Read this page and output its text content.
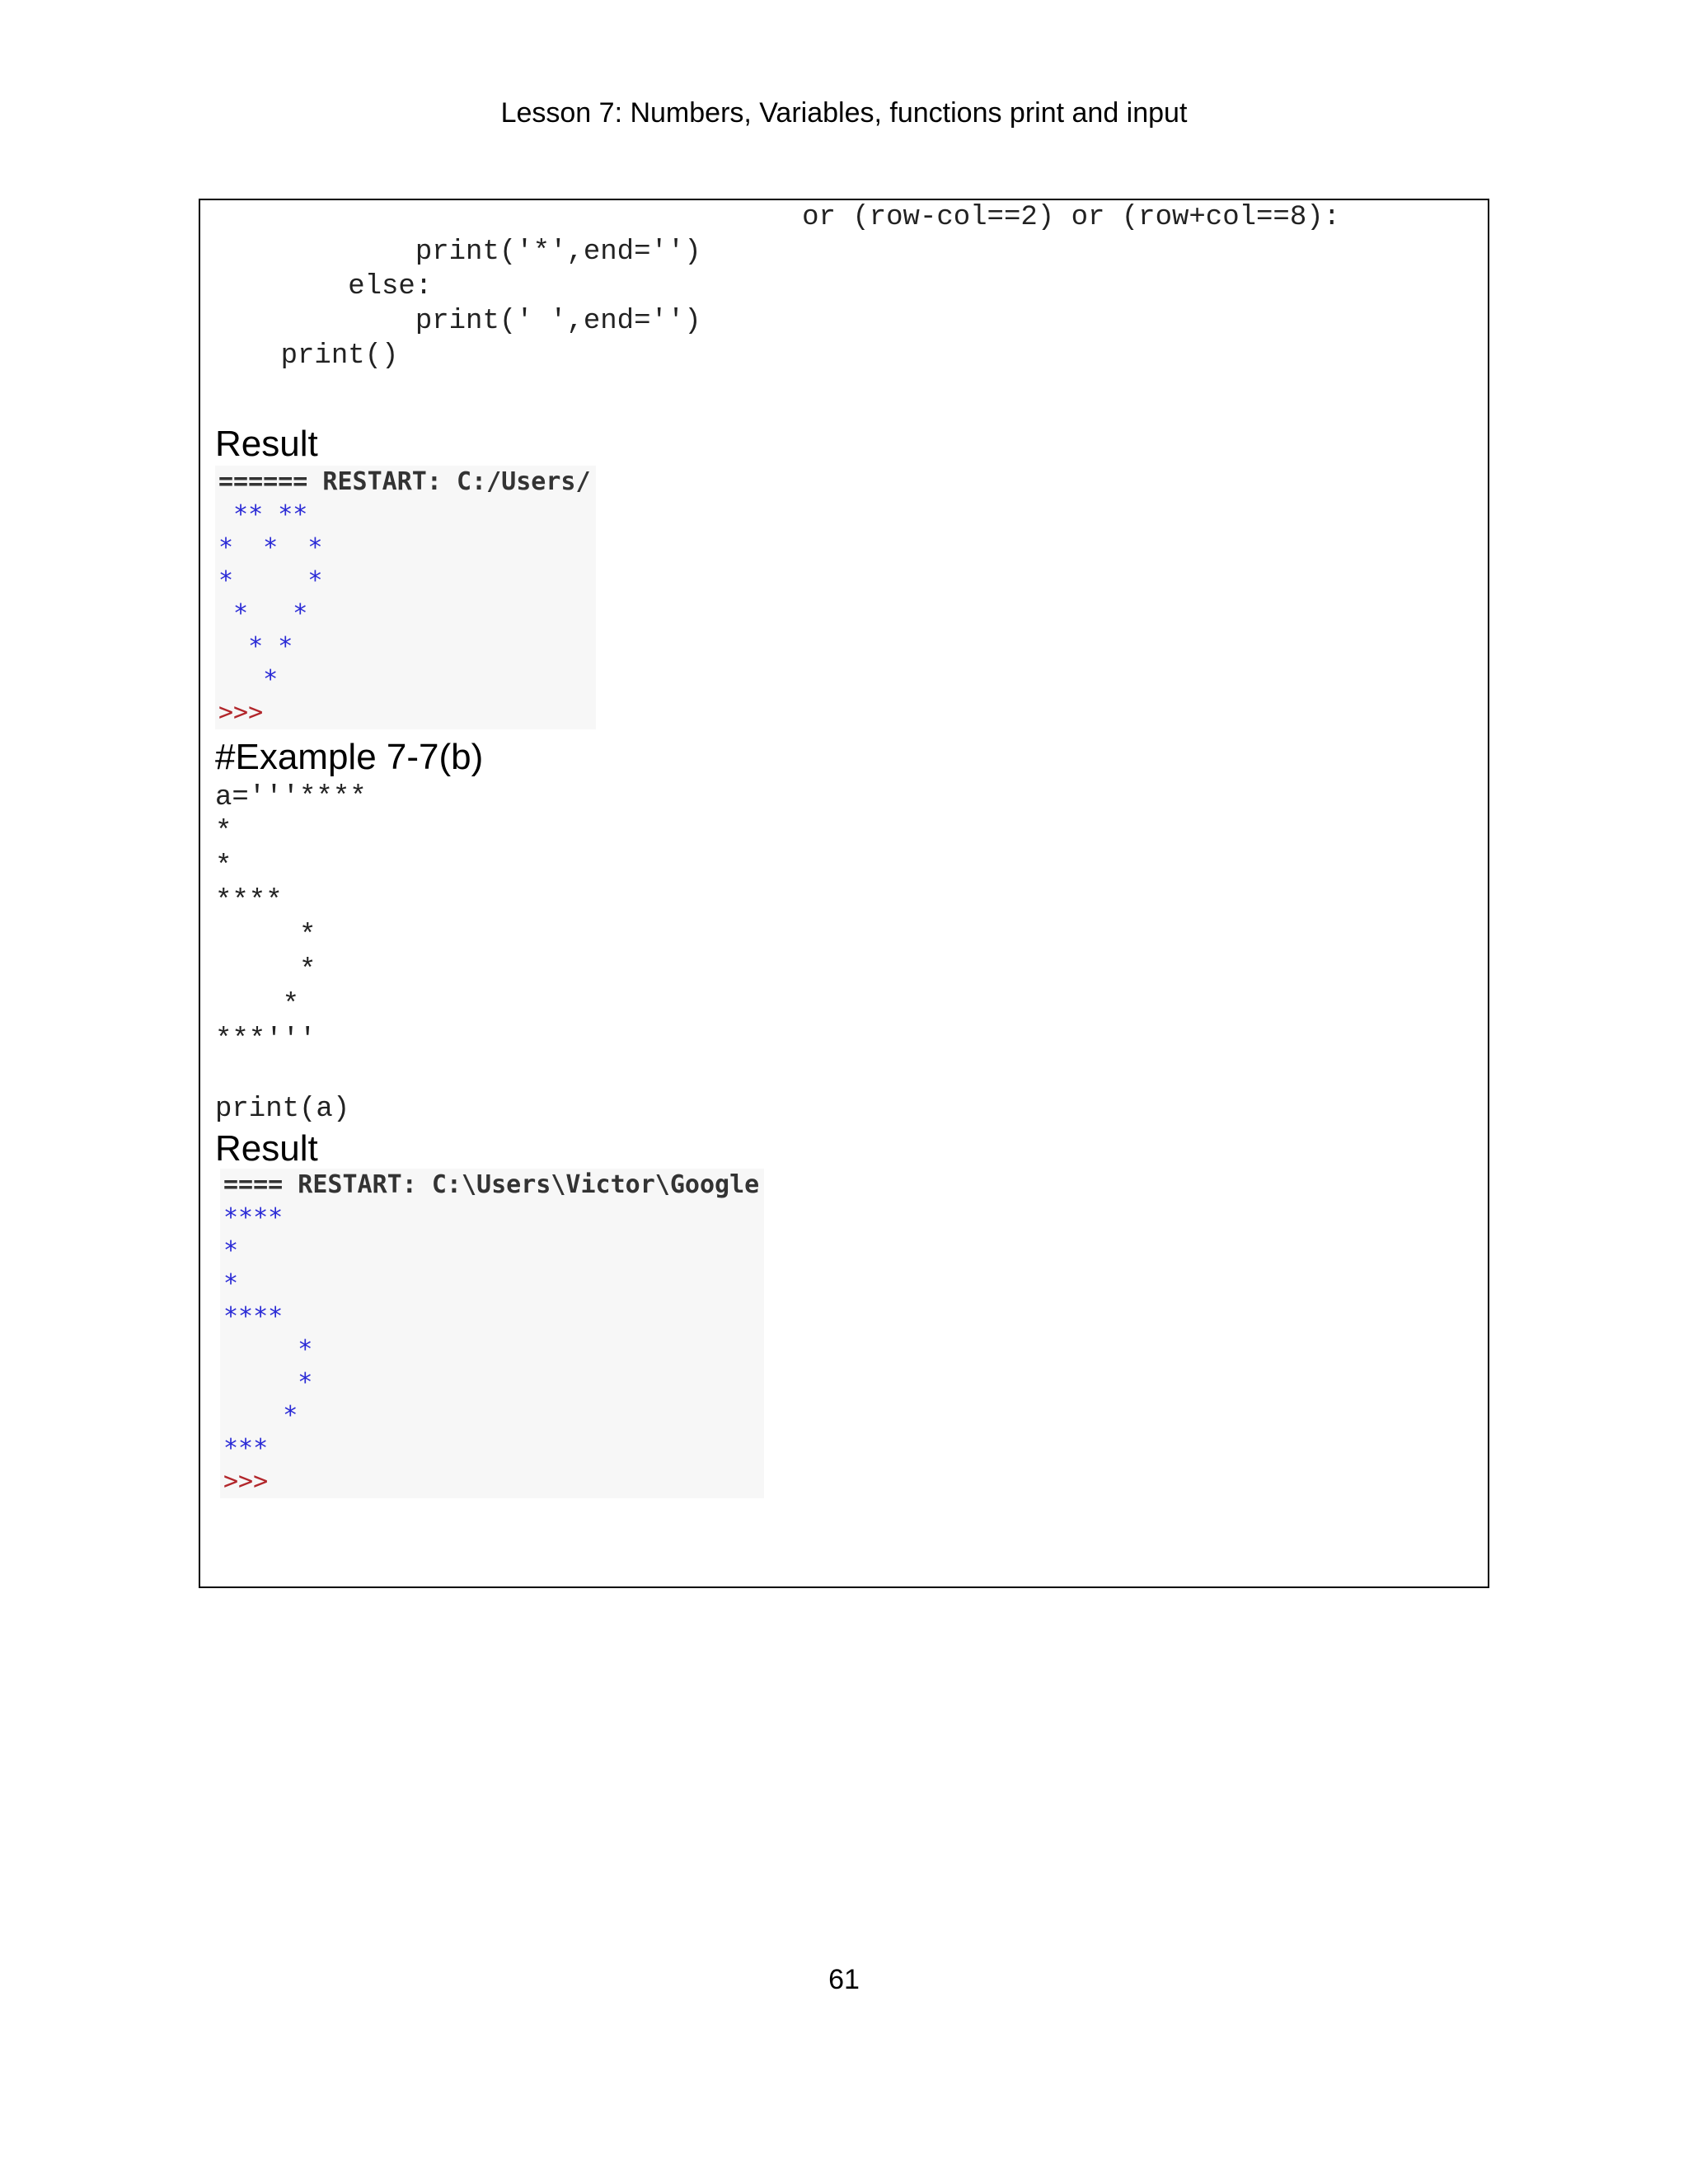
Lesson 7: Numbers, Variables, functions print and input
or (row-col==2) or (row+col==8):
print('*',end='')
else:
print(' ',end='')
print()
Result
====== RESTART: C:/Users/
** **
*  *  *
*     *
*   *
* *
*
>>>
#Example 7-7(b)
a='''****
*
*
****
*
*
*
***'''

print(a)
Result
==== RESTART: C:\Users\Victor\Google
****
*
*
****
*
*
*
***
>>>
61
